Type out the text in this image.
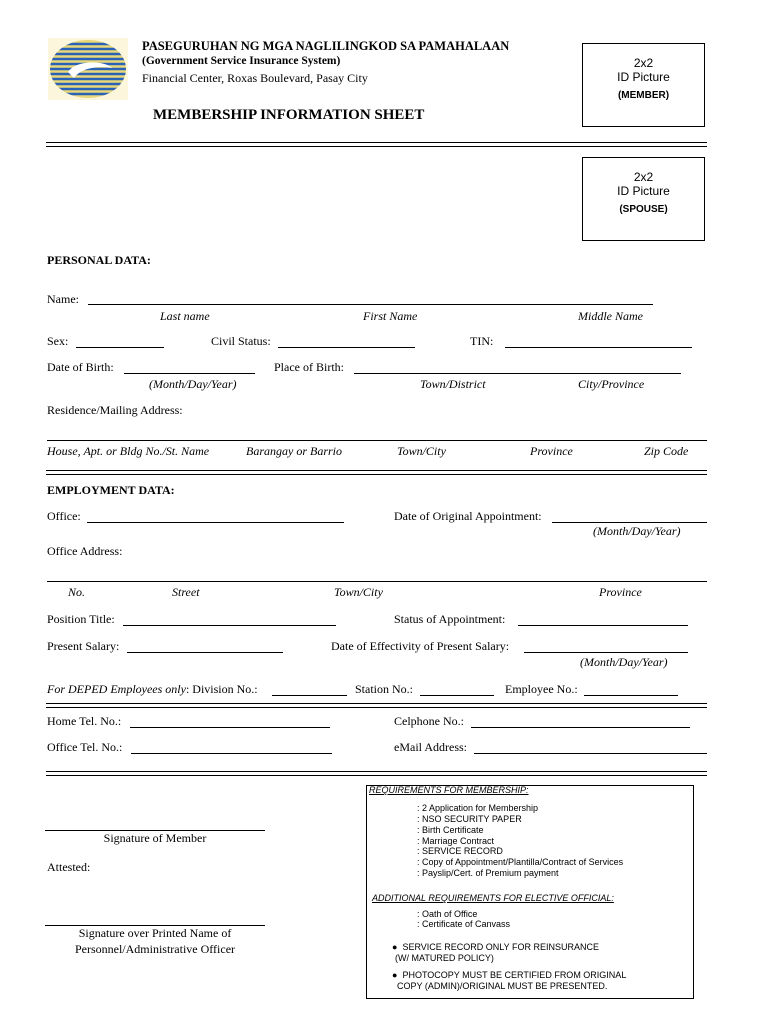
PASEGURUHAN NG MGA NAGLILINGKOD SA PAMAHALAAN
(Government Service Insurance System)
Financial Center, Roxas Boulevard, Pasay City
MEMBERSHIP INFORMATION SHEET
2x2
ID Picture
(MEMBER)
2x2
ID Picture
(SPOUSE)
PERSONAL DATA:
Name:
Last name	First Name	Middle Name
Sex:	Civil Status:	TIN:
Date of Birth:	Place of Birth:
(Month/Day/Year)	Town/District	City/Province
Residence/Mailing Address:
House, Apt. or Bldg No./St. Name	Barangay or Barrio	Town/City	Province	Zip Code
EMPLOYMENT DATA:
Office:	Date of Original Appointment:
(Month/Day/Year)
Office Address:
No.	Street	Town/City	Province
Position Title:	Status of Appointment:
Present Salary:	Date of Effectivity of Present Salary:
(Month/Day/Year)
For DEPED Employees only: Division No.:	Station No.:	Employee No.:
Home Tel. No.:	Celphone No.:
Office Tel. No.:	eMail Address:
Signature of Member
Attested:
Signature over Printed Name of
Personnel/Administrative Officer
REQUIREMENTS FOR MEMBERSHIP:
: 2 Application for Membership
: NSO SECURITY PAPER
: Birth Certificate
: Marriage Contract
: SERVICE RECORD
: Copy of Appointment/Plantilla/Contract of Services
: Payslip/Cert. of Premium payment
ADDITIONAL REQUIREMENTS FOR ELECTIVE OFFICIAL:
: Oath of Office
: Certificate of Canvass
● SERVICE RECORD ONLY FOR REINSURANCE
(W/ MATURED POLICY)
● PHOTOCOPY MUST BE CERTIFIED FROM ORIGINAL
COPY (ADMIN)/ORIGINAL MUST BE PRESENTED.
